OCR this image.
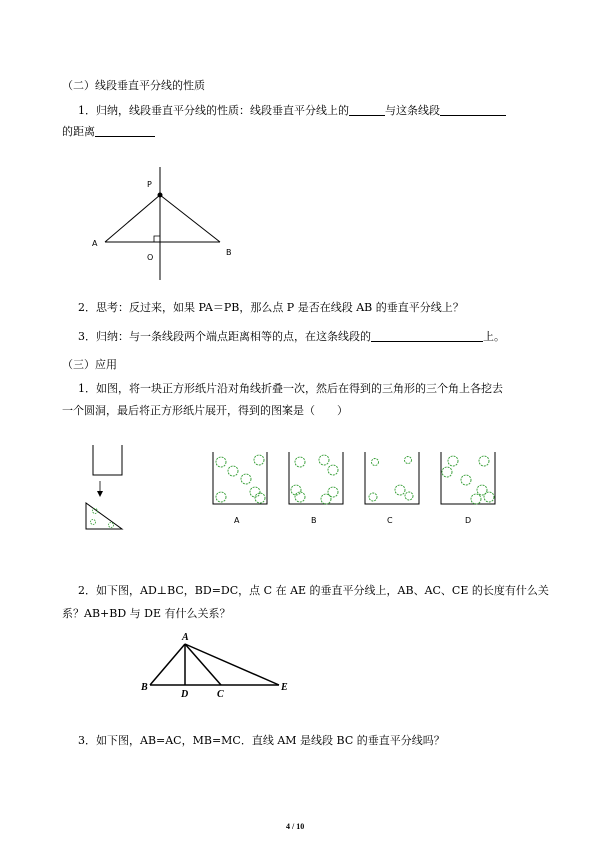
（二）线段垂直平分线的性质
1．归纳，线段垂直平分线的性质：线段垂直平分线上的	与这条线段
的距离
P
A
B
O
2．思考：反过来，如果 PA＝PB，那么点 P 是否在线段 AB 的垂直平分线上？
3．归纳：与一条线段两个端点距离相等的点，在这条线段的	上。
（三）应用
1．如图，将一块正方形纸片沿对角线折叠一次，然后在得到的三角形的三个角上各挖去
一个圆洞，最后将正方形纸片展开，得到的图案是（　　）
A	B	C	D
2．如下图，AD⊥BC，BD=DC，点 C 在 AE 的垂直平分线上，AB、AC、CE 的长度有什么关
系？AB+BD 与 DE 有什么关系？
A
B
D	C
E
3．如下图，AB=AC，MB=MC．直线 AM 是线段 BC 的垂直平分线吗？
4 / 10
